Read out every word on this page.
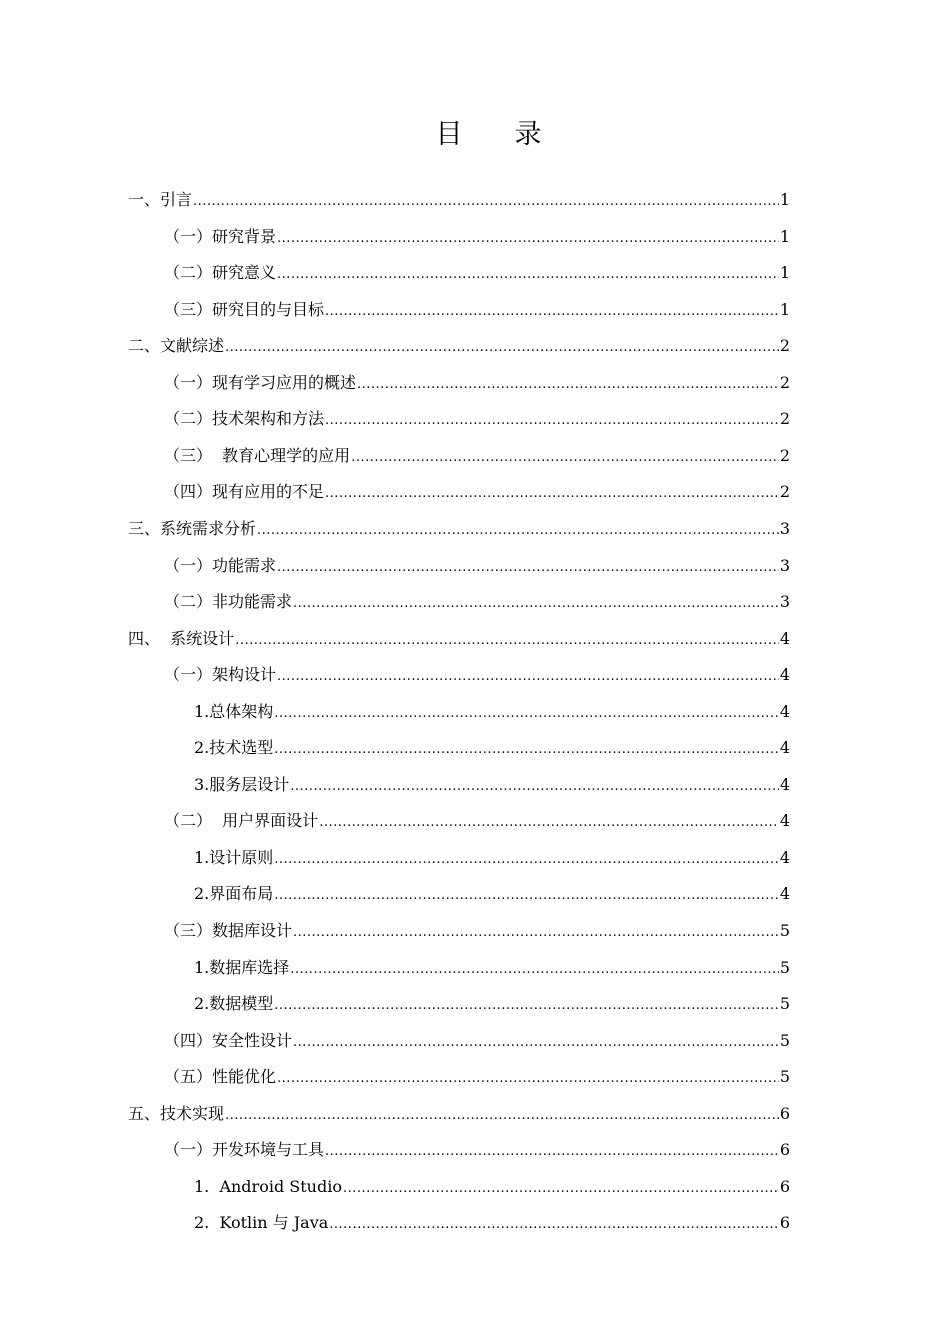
目 录
一、引言 .....	1
（一）研究背景 .....	1
（二）研究意义 .....	1
（三）研究目的与目标 .....	1
二、文献综述 .....	2
（一）现有学习应用的概述 .....	2
（二）技术架构和方法 .....	2
（三）  教育心理学的应用 .....	2
（四）现有应用的不足 .....	2
三、系统需求分析 .....	3
（一）功能需求 .....	3
（二）非功能需求 .....	3
四、  系统设计 .....	4
（一）架构设计 .....	4
1.总体架构 .....	4
2.技术选型 .....	4
3.服务层设计 .....	4
（二）  用户界面设计 .....	4
1.设计原则 .....	4
2.界面布局 .....	4
（三）数据库设计 .....	5
1.数据库选择 .....	5
2.数据模型 .....	5
（四）安全性设计 .....	5
（五）性能优化 .....	5
五、技术实现 .....	6
（一）开发环境与工具 .....	6
1.  Android Studio .....	6
2.  Kotlin 与 Java .....	6
